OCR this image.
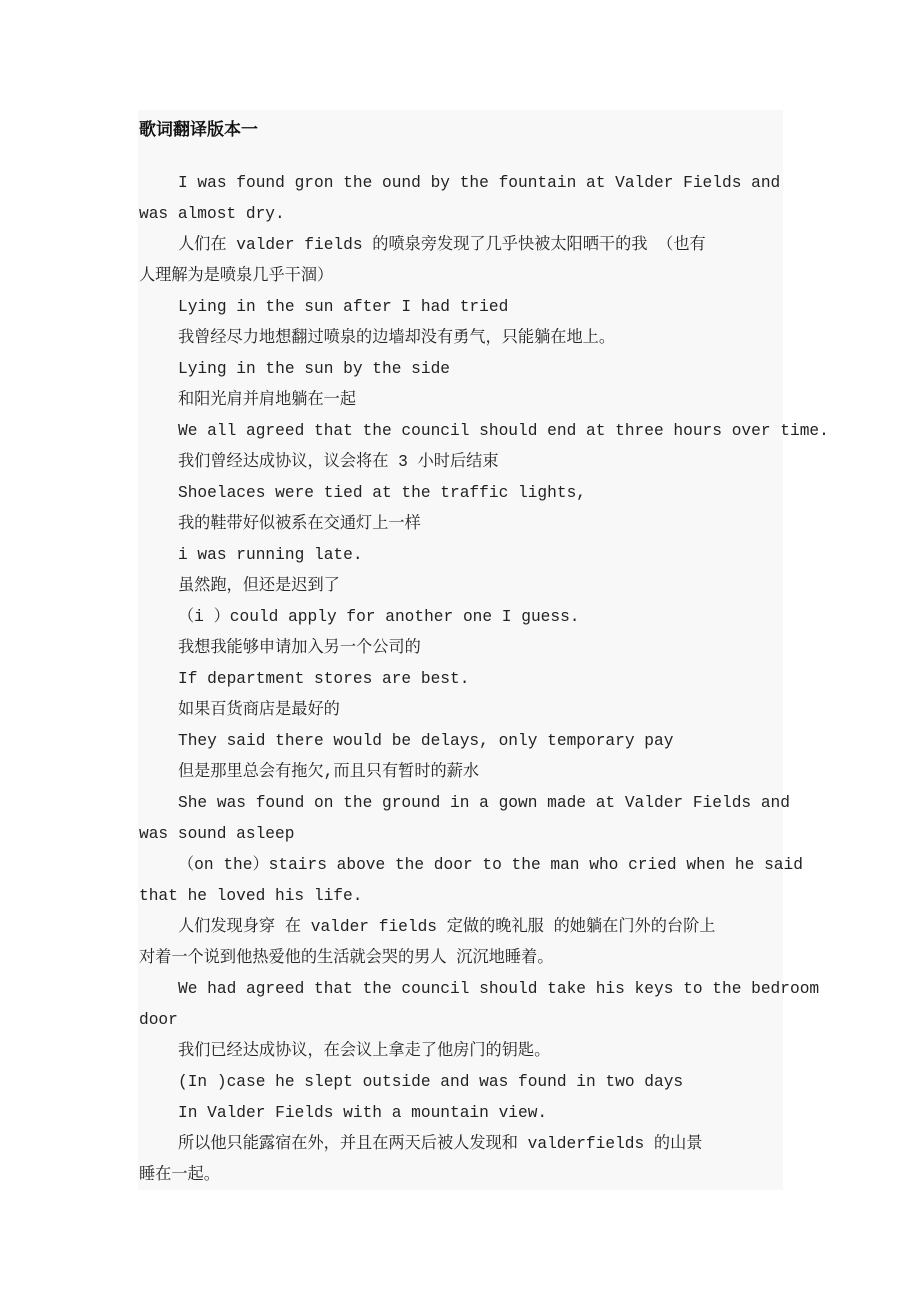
歌词翻译版本一
I was found gron the ound by the fountain at Valder Fields and
was almost dry.
人们在 valder fields 的喷泉旁发现了几乎快被太阳晒干的我 （也有
人理解为是喷泉几乎干涸）
Lying in the sun after I had tried
我曾经尽力地想翻过喷泉的边墙却没有勇气，只能躺在地上。
Lying in the sun by the side
和阳光肩并肩地躺在一起
We all agreed that the council should end at three hours over time.
我们曾经达成协议，议会将在 3 小时后结束
Shoelaces were tied at the traffic lights,
我的鞋带好似被系在交通灯上一样
i was running late.
虽然跑，但还是迟到了
（i ）could apply for another one I guess.
我想我能够申请加入另一个公司的
If department stores are best.
如果百货商店是最好的
They said there would be delays, only temporary pay
但是那里总会有拖欠,而且只有暂时的薪水
She was found on the ground in a gown made at Valder Fields and
was sound asleep
（on the）stairs above the door to the man who cried when he said
that he loved his life.
人们发现身穿 在 valder fields 定做的晚礼服 的她躺在门外的台阶上
对着一个说到他热爱他的生活就会哭的男人 沉沉地睡着。
We had agreed that the council should take his keys to the bedroom
door
我们已经达成协议，在会议上拿走了他房门的钥匙。
(In )case he slept outside and was found in two days
In Valder Fields with a mountain view.
所以他只能露宿在外，并且在两天后被人发现和 valderfields 的山景
睡在一起。
